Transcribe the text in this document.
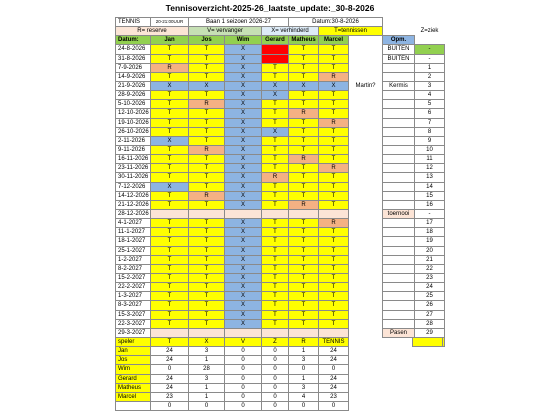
Tennisoverzicht-2025-26_laatste_update:_30-8-2026
TENNIS	20-21:00UUR	Baan 1 seizoen 2026-27			Datum:30-8-2026				
R= reserve		V= vervanger		X= verhinderd		T=tennissen			Z=ziek
Datum:	Jan	Jos	Wim	Gerard	Matheus	Marcel		Opm.	
24-8-2026	T	T	X		T	T		BUITEN	-
31-8-2026	T	T	X		T	T		BUITEN	-
7-9-2026	R	T	X	T	T	T			1
14-9-2026	T	T	X	T	T	R			2
21-9-2026	X	X	X	X	X	X	Martin?	Kermis	3
28-9-2026	T	T	X	X	T	T			4
5-10-2026	T	R	X	T	T	T			5
12-10-2026	T	T	X	T	R	T			6
19-10-2026	T	T	X	T	T	R			7
26-10-2026	T	T	X	X	T	T			8
2-11-2026	X	T	X	T	T	T			9
9-11-2026	T	R	X	T	T	T			10
16-11-2026	T	T	X	T	R	T			11
23-11-2026	T	T	X	T	T	R			12
30-11-2026	T	T	X	R	T	T			13
7-12-2026	X	T	X	T	T	T			14
14-12-2026	T	R	X	T	T	T			15
21-12-2026	T	T	X	T	R	T			16
28-12-2026								toernooi	-
4-1-2027	T	T	X	T	T	R			17
11-1-2027	T	T	X	T	T	T			18
18-1-2027	T	T	X	T	T	T			19
25-1-2027	T	T	X	T	T	T			20
1-2-2027	T	T	X	T	T	T			21
8-2-2027	T	T	X	T	T	T			22
15-2-2027	T	T	X	T	T	T			23
22-2-2027	T	T	X	T	T	T			24
1-3-2027	T	T	X	T	T	T			25
8-3-2027	T	T	X	T	T	T			26
15-3-2027	T	T	X	T	T	T			27
22-3-2027	T	T	X	T	T	T			28
29-3-2027								Pasen	29

speler	T	X	V	Z	R	TENNIS		
Jan	24	3	0	0	1	24		
Jos	24	1	0	0	3	24		
Wim	0	28	0	0	0	0		
Gerard	24	3	0	0	1	24		
Matheus	24	1	0	0	3	24		
Marcel	23	1	0	0	4	23		
	0	0	0	0	0	0		
